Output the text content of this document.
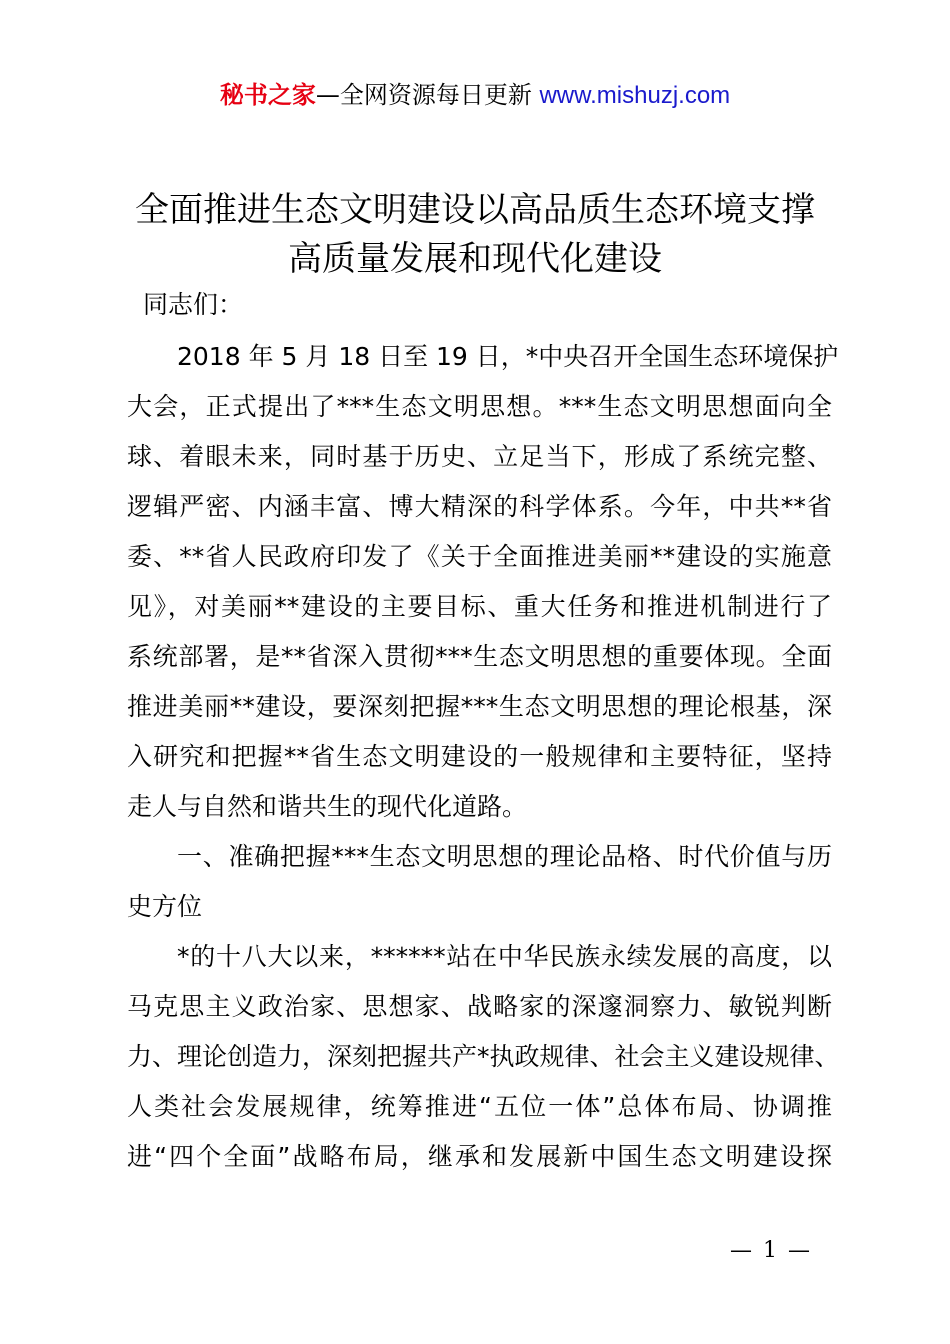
秘书之家—全网资源每日更新 www.mishuzj.com
全面推进生态文明建设以高品质生态环境支撑
高质量发展和现代化建设
同志们：
2018 年 5 月 18 日至 19 日，*中央召开全国生态环境保护
大会，正式提出了***生态文明思想。***生态文明思想面向全
球、着眼未来，同时基于历史、立足当下，形成了系统完整、
逻辑严密、内涵丰富、博大精深的科学体系。今年，中共**省
委、**省人民政府印发了《关于全面推进美丽**建设的实施意
见》，对美丽**建设的主要目标、重大任务和推进机制进行了
系统部署，是**省深入贯彻***生态文明思想的重要体现。全面
推进美丽**建设，要深刻把握***生态文明思想的理论根基，深
入研究和把握**省生态文明建设的一般规律和主要特征，坚持
走人与自然和谐共生的现代化道路。
一、准确把握***生态文明思想的理论品格、时代价值与历
史方位
*的十八大以来，******站在中华民族永续发展的高度，以
马克思主义政治家、思想家、战略家的深邃洞察力、敏锐判断
力、理论创造力，深刻把握共产*执政规律、社会主义建设规律、
人类社会发展规律，统筹推进“五位一体”总体布局、协调推
进“四个全面”战略布局，继承和发展新中国生态文明建设探
— 1 —
